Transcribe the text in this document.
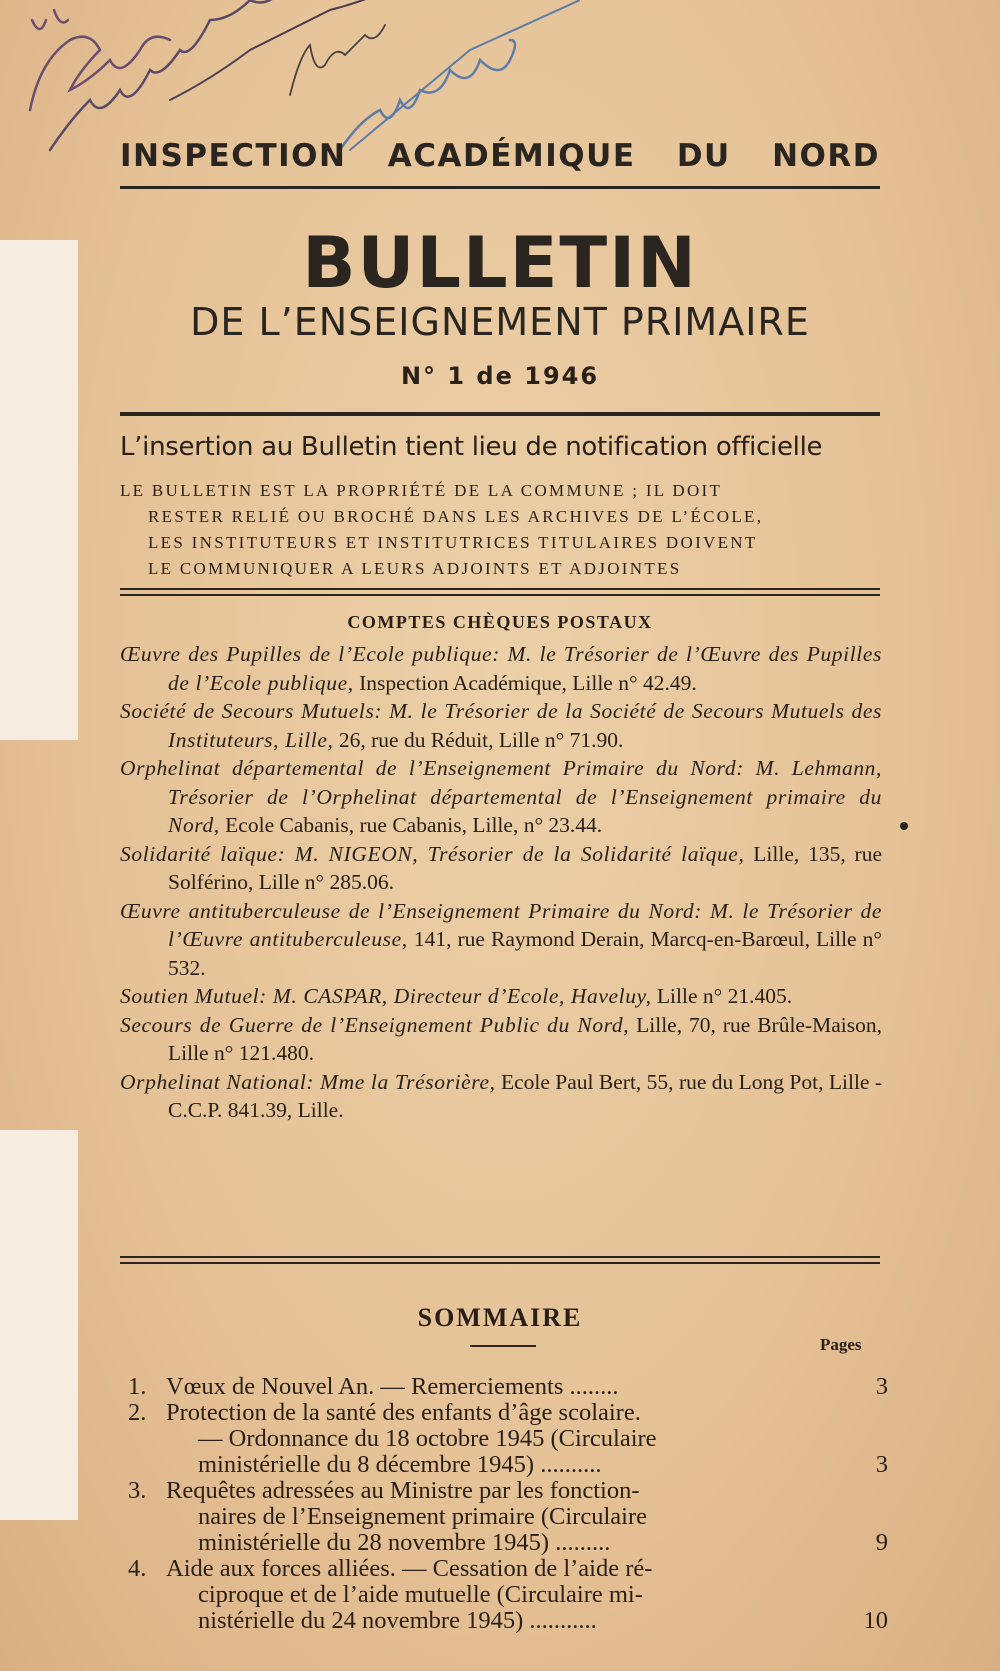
INSPECTION ACADÉMIQUE DU NORD
BULLETIN
DE L’ENSEIGNEMENT PRIMAIRE
N° 1 de 1946
L’insertion au Bulletin tient lieu de notification officielle
LE BULLETIN EST LA PROPRIÉTÉ DE LA COMMUNE ; IL DOIT
RESTER RELIÉ OU BROCHÉ DANS LES ARCHIVES DE L’ÉCOLE,
LES INSTITUTEURS ET INSTITUTRICES TITULAIRES DOIVENT
LE COMMUNIQUER A LEURS ADJOINTS ET ADJOINTES
COMPTES CHÈQUES POSTAUX

Œuvre des Pupilles de l’Ecole publique: M. le Trésorier de l’Œuvre des Pupilles de l’Ecole publique, Inspection Académique, Lille n° 42.49.

Société de Secours Mutuels: M. le Trésorier de la Société de Secours Mutuels des Instituteurs, Lille, 26, rue du Réduit, Lille n° 71.90.

Orphelinat départemental de l’Enseignement Primaire du Nord: M. Lehmann, Trésorier de l’Orphelinat départemental de l’Enseignement primaire du Nord, Ecole Cabanis, rue Cabanis, Lille, n° 23.44.

Solidarité laïque: M. NIGEON, Trésorier de la Solidarité laïque, Lille, 135, rue Solférino, Lille n° 285.06.

Œuvre antituberculeuse de l’Enseignement Primaire du Nord: M. le Trésorier de l’Œuvre antituberculeuse, 141, rue Raymond Derain, Marcq-en-Barœul, Lille n° 532.

Soutien Mutuel: M. CASPAR, Directeur d’Ecole, Haveluy, Lille n° 21.405.

Secours de Guerre de l’Enseignement Public du Nord, Lille, 70, rue Brûle-Maison, Lille n° 121.480.

Orphelinat National: Mme la Trésorière, Ecole Paul Bert, 55, rue du Long Pot, Lille - C.C.P. 841.39, Lille.

SOMMAIRE
Pages
1. Vœux de Nouvel An. — Remerciements ........	3
2. Protection de la santé des enfants d’âge scolaire.
— Ordonnance du 18 octobre 1945 (Circulaire
ministérielle du 8 décembre 1945) ..........	3
3. Requêtes adressées au Ministre par les fonction-
naires de l’Enseignement primaire (Circulaire
ministérielle du 28 novembre 1945) .........	9
4. Aide aux forces alliées. — Cessation de l’aide ré-
ciproque et de l’aide mutuelle (Circulaire mi-
nistérielle du 24 novembre 1945) ...........	10
